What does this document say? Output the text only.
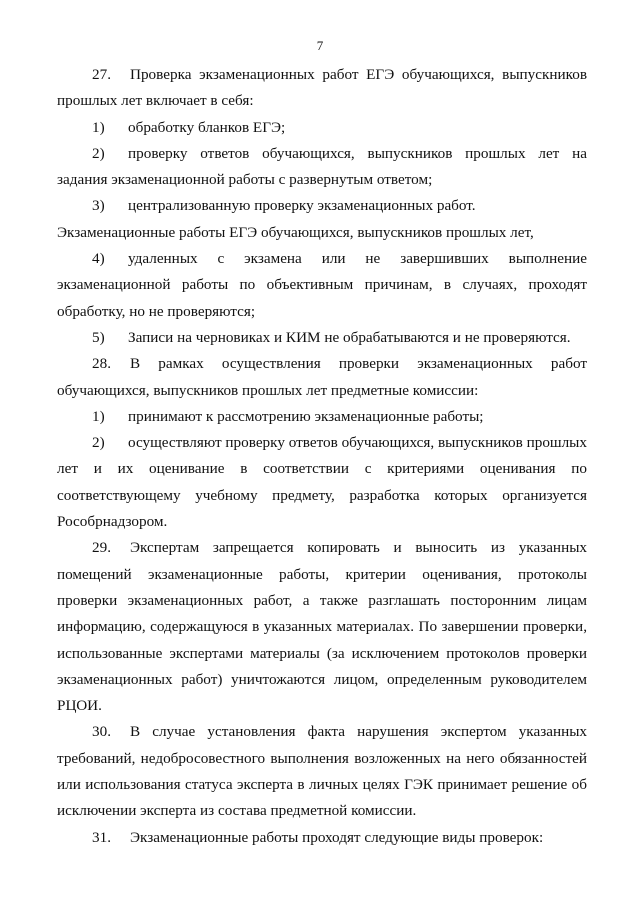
7

27. Проверка экзаменационных работ ЕГЭ обучающихся, выпускников прошлых лет включает в себя:

1) обработку бланков ЕГЭ;

2) проверку ответов обучающихся, выпускников прошлых лет на задания экзаменационной работы с развернутым ответом;

3) централизованную проверку экзаменационных работ.

Экзаменационные работы ЕГЭ обучающихся, выпускников прошлых лет,

4) удаленных с экзамена или не завершивших выполнение экзаменационной работы по объективным причинам, в случаях, проходят обработку, но не проверяются;

5) Записи на черновиках и КИМ не обрабатываются и не проверяются.

28. В рамках осуществления проверки экзаменационных работ обучающихся, выпускников прошлых лет предметные комиссии:

1) принимают к рассмотрению экзаменационные работы;

2) осуществляют проверку ответов обучающихся, выпускников прошлых лет и их оценивание в соответствии с критериями оценивания по соответствующему учебному предмету, разработка которых организуется Рособрнадзором.

29. Экспертам запрещается копировать и выносить из указанных помещений экзаменационные работы, критерии оценивания, протоколы проверки экзаменационных работ, а также разглашать посторонним лицам информацию, содержащуюся в указанных материалах. По завершении проверки, использованные экспертами материалы (за исключением протоколов проверки экзаменационных работ) уничтожаются лицом, определенным руководителем РЦОИ.

30. В случае установления факта нарушения экспертом указанных требований, недобросовестного выполнения возложенных на него обязанностей или использования статуса эксперта в личных целях ГЭК принимает решение об исключении эксперта из состава предметной комиссии.

31. Экзаменационные работы проходят следующие виды проверок:
